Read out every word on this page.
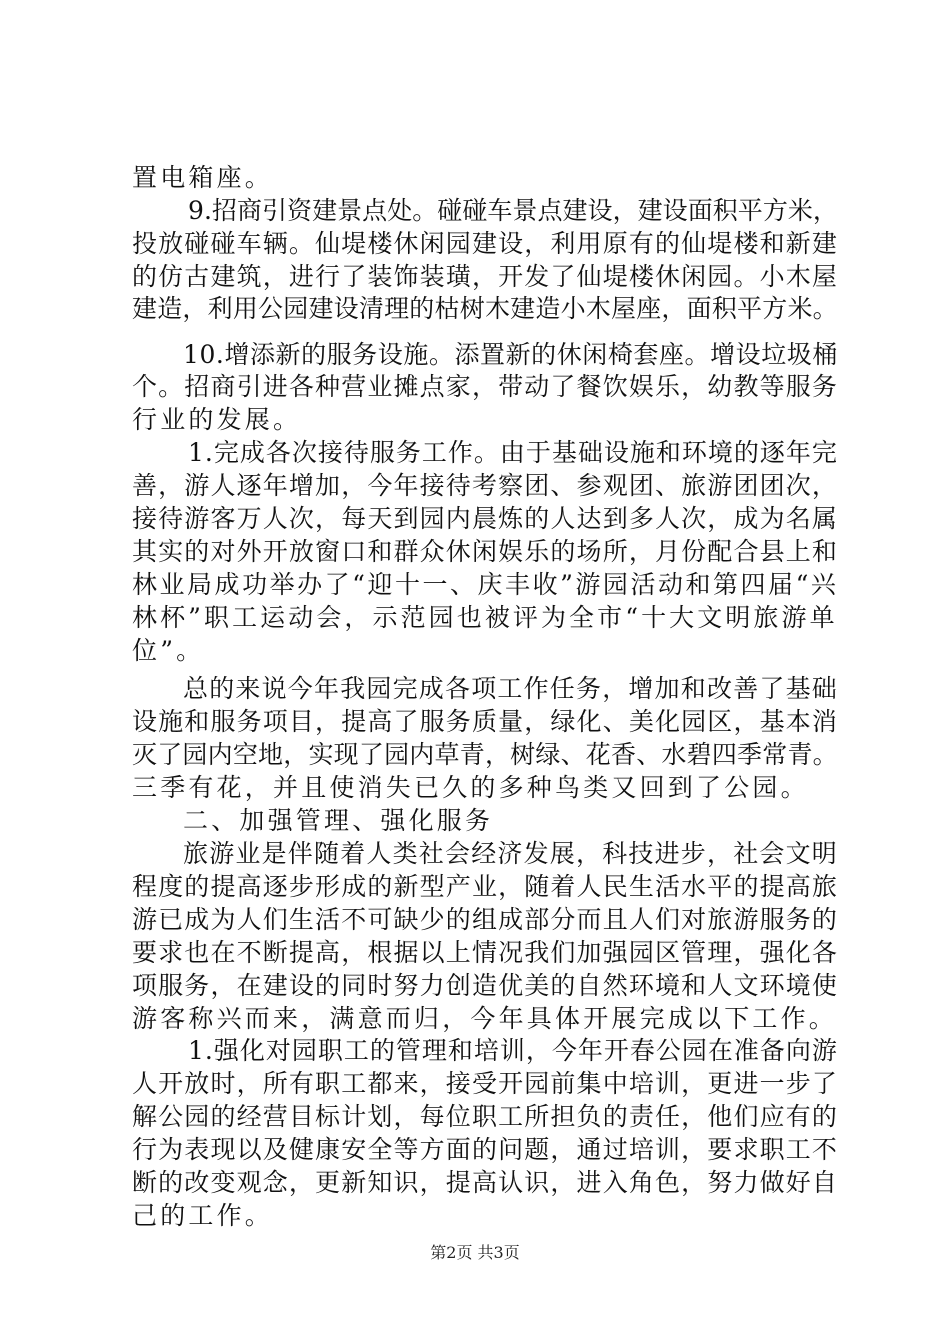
置电箱座。
9.招商引资建景点处。碰碰车景点建设，建设面积平方米，
投放碰碰车辆。仙堤楼休闲园建设，利用原有的仙堤楼和新建
的仿古建筑，进行了装饰装璜，开发了仙堤楼休闲园。小木屋
建造，利用公园建设清理的枯树木建造小木屋座，面积平方米。
10.增添新的服务设施。添置新的休闲椅套座。增设垃圾桶
个。招商引进各种营业摊点家，带动了餐饮娱乐，幼教等服务
行业的发展。
1.完成各次接待服务工作。由于基础设施和环境的逐年完
善，游人逐年增加，今年接待考察团、参观团、旅游团团次，
接待游客万人次，每天到园内晨炼的人达到多人次，成为名属
其实的对外开放窗口和群众休闲娱乐的场所，月份配合县上和
林业局成功举办了“迎十一、庆丰收”游园活动和第四届“兴
林杯”职工运动会，示范园也被评为全市“十大文明旅游单
位”。
总的来说今年我园完成各项工作任务，增加和改善了基础
设施和服务项目，提高了服务质量，绿化、美化园区，基本消
灭了园内空地，实现了园内草青，树绿、花香、水碧四季常青。
三季有花，并且使消失已久的多种鸟类又回到了公园。
二、加强管理、强化服务
旅游业是伴随着人类社会经济发展，科技进步，社会文明
程度的提高逐步形成的新型产业，随着人民生活水平的提高旅
游已成为人们生活不可缺少的组成部分而且人们对旅游服务的
要求也在不断提高，根据以上情况我们加强园区管理，强化各
项服务，在建设的同时努力创造优美的自然环境和人文环境使
游客称兴而来，满意而归，今年具体开展完成以下工作。
1.强化对园职工的管理和培训，今年开春公园在准备向游
人开放时，所有职工都来，接受开园前集中培训，更进一步了
解公园的经营目标计划，每位职工所担负的责任，他们应有的
行为表现以及健康安全等方面的问题，通过培训，要求职工不
断的改变观念，更新知识，提高认识，进入角色，努力做好自
己的工作。
第2页 共3页
